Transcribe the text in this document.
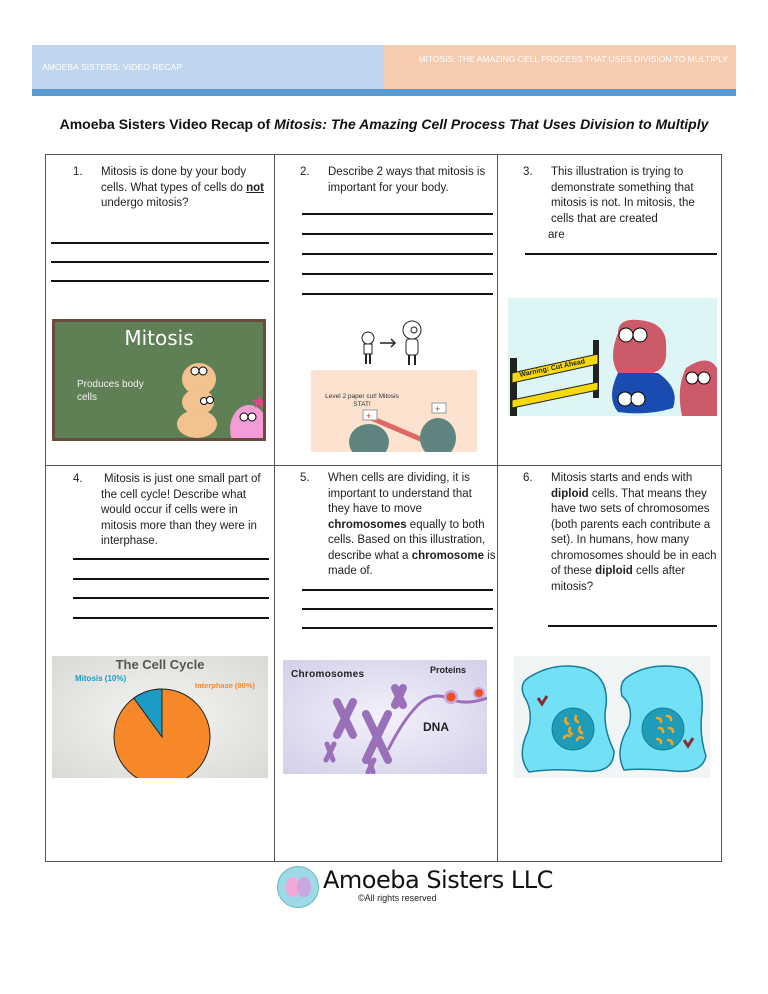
AMOEBA SISTERS: VIDEO RECAP
MITOSIS: THE AMAZING CELL PROCESS THAT USES DIVISION TO MULTIPLY
Amoeba Sisters Video Recap of Mitosis: The Amazing Cell Process That Uses Division to Multiply
1. Mitosis is done by your body cells. What types of cells do not undergo mitosis?
Mitosis
Produces body cells
2. Describe 2 ways that mitosis is important for your body.
Level 2 paper cut! Mitosis STAT!
+
+
3. This illustration is trying to demonstrate something that mitosis is not. In mitosis, the cells that are created
are
Warning: Cut Ahead
4. Mitosis is just one small part of the cell cycle! Describe what would occur if cells were in mitosis more than they were in interphase.
The Cell Cycle
Mitosis (10%)
Interphase (90%)
5. When cells are dividing, it is important to understand that they have to move chromosomes equally to both cells. Based on this illustration, describe what a chromosome is made of.
Chromosomes	Proteins
DNA
6. Mitosis starts and ends with diploid cells. That means they have two sets of chromosomes (both parents each contribute a set). In humans, how many chromosomes should be in each of these diploid cells after mitosis?
Amoeba Sisters LLC
©All rights reserved
